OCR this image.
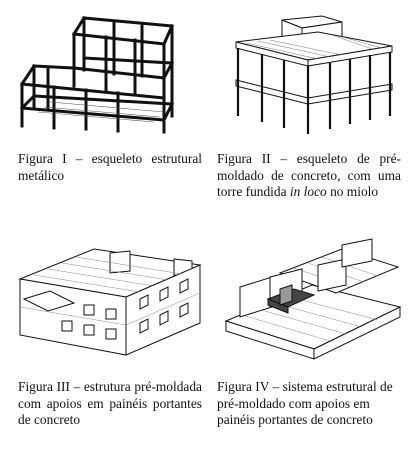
Figura I – esqueleto estrutural metálico
Figura II – esqueleto de pré-moldado de concreto, com uma torre fundida in loco no miolo
Figura III – estrutura pré-moldada com apoios em painéis portantes de concreto
Figura IV – sistema estrutural de pré-moldado com apoios em painéis portantes de concreto
